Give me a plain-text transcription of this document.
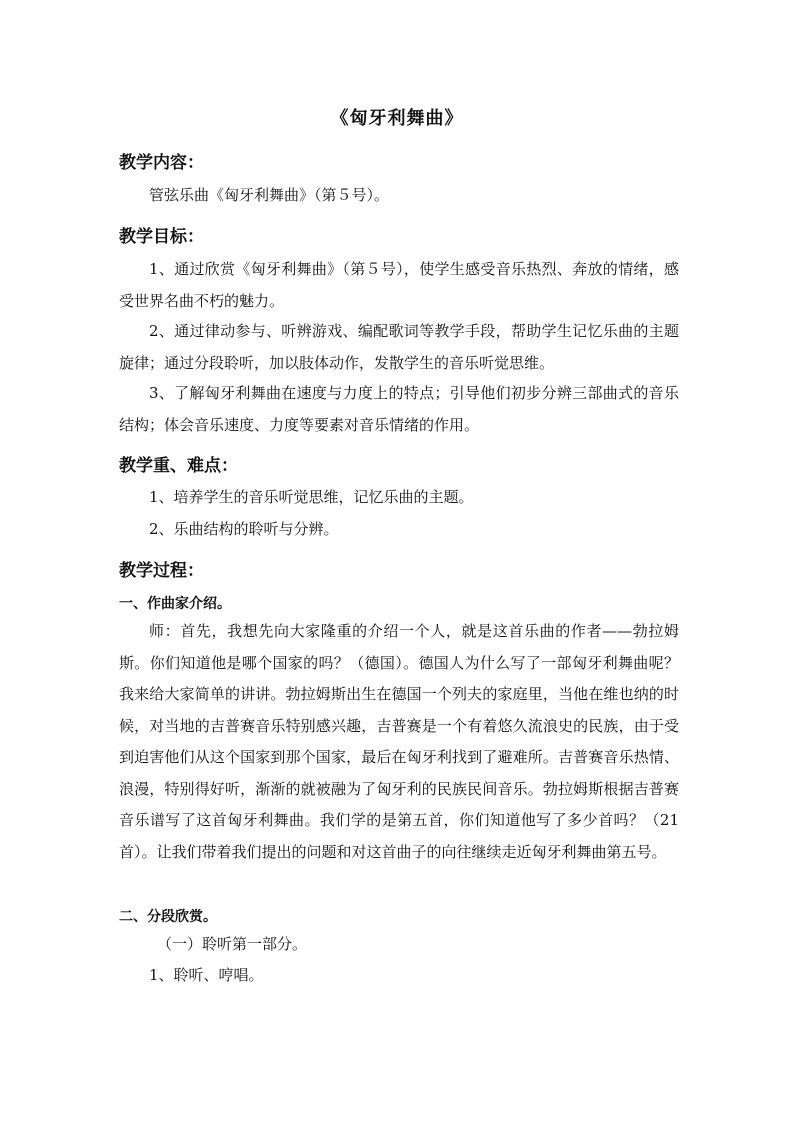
《匈牙利舞曲》
教学内容：
管弦乐曲《匈牙利舞曲》（第５号）。
教学目标：
1、通过欣赏《匈牙利舞曲》（第５号），使学生感受音乐热烈、奔放的情绪，感受世界名曲不朽的魅力。
2、通过律动参与、听辨游戏、编配歌词等教学手段，帮助学生记忆乐曲的主题旋律；通过分段聆听，加以肢体动作，发散学生的音乐听觉思维。
3、了解匈牙利舞曲在速度与力度上的特点；引导他们初步分辨三部曲式的音乐结构；体会音乐速度、力度等要素对音乐情绪的作用。
教学重、难点：
1、培养学生的音乐听觉思维，记忆乐曲的主题。
2、乐曲结构的聆听与分辨。
教学过程：
一、作曲家介绍。
师：首先，我想先向大家隆重的介绍一个人，就是这首乐曲的作者——勃拉姆斯。你们知道他是哪个国家的吗？（德国）。德国人为什么写了一部匈牙利舞曲呢？我来给大家简单的讲讲。勃拉姆斯出生在德国一个列夫的家庭里，当他在维也纳的时候，对当地的吉普赛音乐特别感兴趣，吉普赛是一个有着悠久流浪史的民族，由于受到迫害他们从这个国家到那个国家，最后在匈牙利找到了避难所。吉普赛音乐热情、浪漫，特别得好听，渐渐的就被融为了匈牙利的民族民间音乐。勃拉姆斯根据吉普赛音乐谱写了这首匈牙利舞曲。我们学的是第五首，你们知道他写了多少首吗？（21首）。让我们带着我们提出的问题和对这首曲子的向往继续走近匈牙利舞曲第五号。
二、分段欣赏。
（一）聆听第一部分。
1、聆听、哼唱。
